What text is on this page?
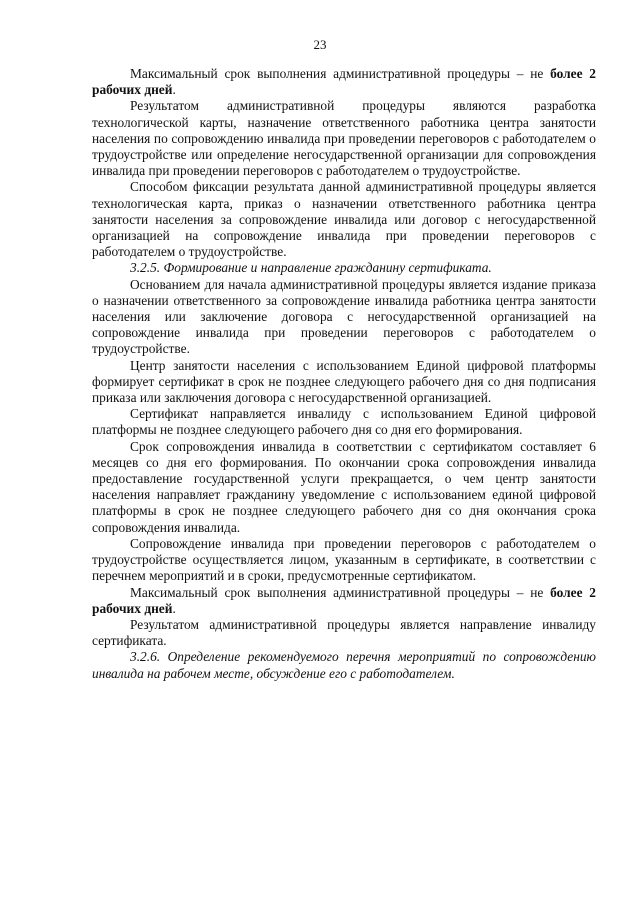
23

Максимальный срок выполнения административной процедуры – не более 2 рабочих дней.

Результатом административной процедуры являются разработка технологической карты, назначение ответственного работника центра занятости населения по сопровождению инвалида при проведении переговоров с работодателем о трудоустройстве или определение негосударственной организации для сопровождения инвалида при проведении переговоров с работодателем о трудоустройстве.

Способом фиксации результата данной административной процедуры является технологическая карта, приказ о назначении ответственного работника центра занятости населения за сопровождение инвалида или договор с негосударственной организацией на сопровождение инвалида при проведении переговоров с работодателем о трудоустройстве.

3.2.5. Формирование и направление гражданину сертификата.

Основанием для начала административной процедуры является издание приказа о назначении ответственного за сопровождение инвалида работника центра занятости населения или заключение договора с негосударственной организацией на сопровождение инвалида при проведении переговоров с работодателем о трудоустройстве.

Центр занятости населения с использованием Единой цифровой платформы формирует сертификат в срок не позднее следующего рабочего дня со дня подписания приказа или заключения договора с негосударственной организацией.

Сертификат направляется инвалиду с использованием Единой цифровой платформы не позднее следующего рабочего дня со дня его формирования.

Срок сопровождения инвалида в соответствии с сертификатом составляет 6 месяцев со дня его формирования. По окончании срока сопровождения инвалида предоставление государственной услуги прекращается, о чем центр занятости населения направляет гражданину уведомление с использованием единой цифровой платформы в срок не позднее следующего рабочего дня со дня окончания срока сопровождения инвалида.

Сопровождение инвалида при проведении переговоров с работодателем о трудоустройстве осуществляется лицом, указанным в сертификате, в соответствии с перечнем мероприятий и в сроки, предусмотренные сертификатом.

Максимальный срок выполнения административной процедуры – не более 2 рабочих дней.

Результатом административной процедуры является направление инвалиду сертификата.

3.2.6. Определение рекомендуемого перечня мероприятий по сопровождению инвалида на рабочем месте, обсуждение его с работодателем.
